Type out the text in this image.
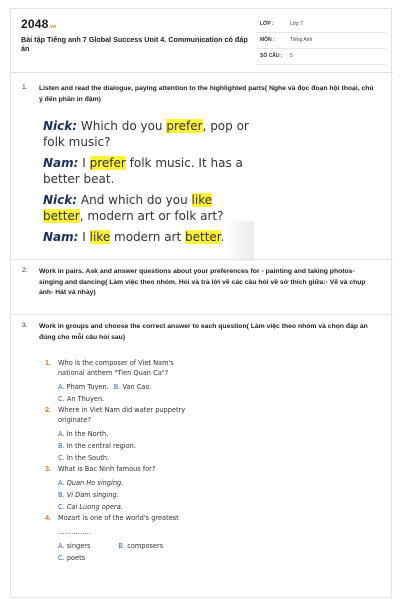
2048.vn
Bài tập Tiếng anh 7 Global Success Unit 4. Communication có đáp án
LỚP :	Lớp 7
MÔN :	Tiếng Anh
SỐ CÂU : 5
1. Listen and read the dialogue, paying attention to the highlighted parts( Nghe và đọc đoạn hội thoại, chú ý đến phần in đậm)
Nick: Which do you prefer, pop or folk music?
Nam: I prefer folk music. It has a better beat.
Nick: And which do you like better, modern art or folk art?
Nam: I like modern art better.
2. Work in pairs. Ask and answer questions about your preferences for - painting and taking photos- singing and dancing( Làm việc theo nhóm. Hỏi và trả lời về các câu hỏi về sở thích giữa:- Vẽ và chụp ảnh- Hát và nhảy)
3. Work in groups and choose the correct answer to each question( Làm việc theo nhóm và chọn đáp án đúng cho mỗi câu hỏi sau)
1. Who is the composer of Viet Nam's national anthem "Tien Quan Ca"?
A. Pham Tuyen. B. Van Cao.
C. An Thuyen.
2. Where in Viet Nam did water puppetry originate?
A. In the North.
B. In the central region.
C. In the South.
3. What is Bac Ninh famous for?
A. Quan Ho singing.
B. Vi Dam singing.
C. Cai Luong opera.
4. Mozart is one of the world's greatest
……………
A. singers	B. composers
C. poets
